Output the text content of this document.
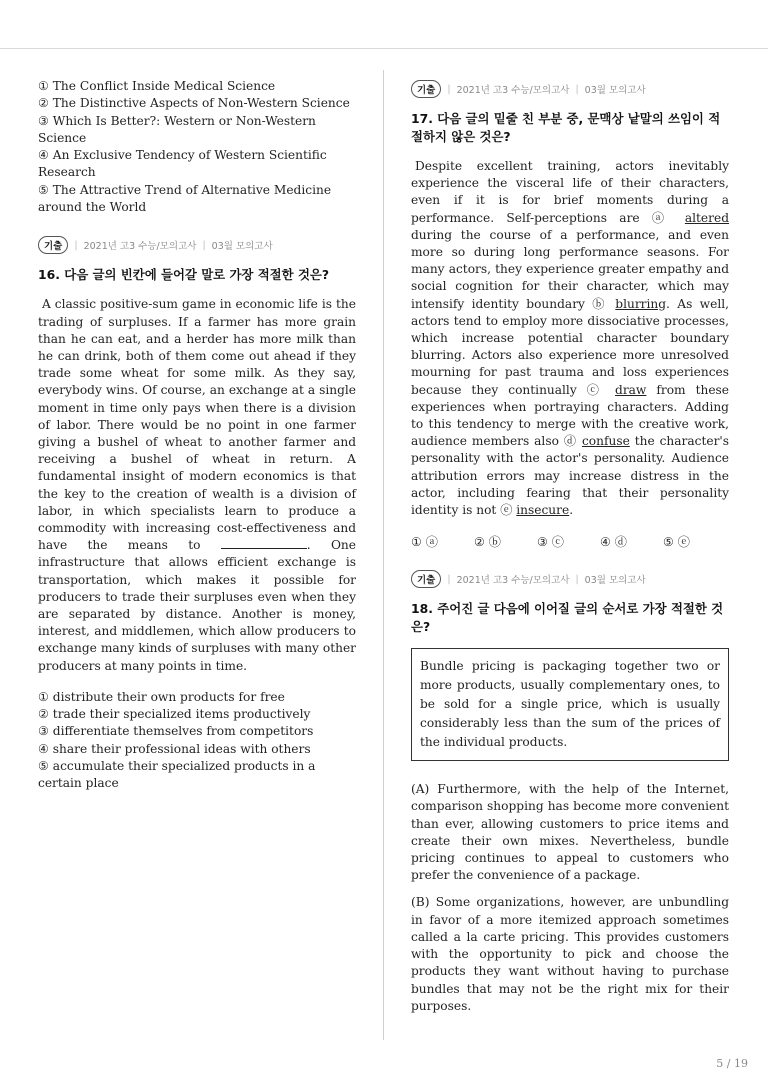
① The Conflict Inside Medical Science
② The Distinctive Aspects of Non-Western Science
③ Which Is Better?: Western or Non-Western Science
④ An Exclusive Tendency of Western Scientific Research
⑤ The Attractive Trend of Alternative Medicine around the World
기출	| 2021년 고3 수능/모의고사 | 03월 모의고사
16. 다음 글의 빈칸에 들어갈 말로 가장 적절한 것은?

A classic positive-sum game in economic life is the trading of surpluses. If a farmer has more grain than he can eat, and a herder has more milk than he can drink, both of them come out ahead if they trade some wheat for some milk. As they say, everybody wins. Of course, an exchange at a single moment in time only pays when there is a division of labor. There would be no point in one farmer giving a bushel of wheat to another farmer and receiving a bushel of wheat in return. A fundamental insight of modern economics is that the key to the creation of wealth is a division of labor, in which specialists learn to produce a commodity with increasing cost-effectiveness and have the means to	. One infrastructure that allows efficient exchange is transportation, which makes it possible for producers to trade their surpluses even when they are separated by distance. Another is money, interest, and middlemen, which allow producers to exchange many kinds of surpluses with many other producers at many points in time.

① distribute their own products for free
② trade their specialized items productively
③ differentiate themselves from competitors
④ share their professional ideas with others
⑤ accumulate their specialized products in a certain place
기출	| 2021년 고3 수능/모의고사 | 03월 모의고사
17. 다음 글의 밑줄 친 부분 중, 문맥상 낱말의 쓰임이 적절하지 않은 것은?

Despite excellent training, actors inevitably experience the visceral life of their characters, even if it is for brief moments during a performance. Self-perceptions are ⓐ altered during the course of a performance, and even more so during long performance seasons. For many actors, they experience greater empathy and social cognition for their character, which may intensify identity boundary ⓑ blurring. As well, actors tend to employ more dissociative processes, which increase potential character boundary blurring. Actors also experience more unresolved mourning for past trauma and loss experiences because they continually ⓒ draw from these experiences when portraying characters. Adding to this tendency to merge with the creative work, audience members also ⓓ confuse the character's personality with the actor's personality. Audience attribution errors may increase distress in the actor, including fearing that their personality identity is not ⓔ insecure.

① ⓐ	② ⓑ	③ ⓒ	④ ⓓ	⑤ ⓔ
기출	| 2021년 고3 수능/모의고사 | 03월 모의고사
18. 주어진 글 다음에 이어질 글의 순서로 가장 적절한 것은?
Bundle pricing is packaging together two or more products, usually complementary ones, to be sold for a single price, which is usually considerably less than the sum of the prices of the individual products.
(A) Furthermore, with the help of the Internet, comparison shopping has become more convenient than ever, allowing customers to price items and create their own mixes. Nevertheless, bundle pricing continues to appeal to customers who prefer the convenience of a package.
(B) Some organizations, however, are unbundling in favor of a more itemized approach sometimes called a la carte pricing. This provides customers with the opportunity to pick and choose the products they want without having to purchase bundles that may not be the right mix for their purposes.
5 / 19
